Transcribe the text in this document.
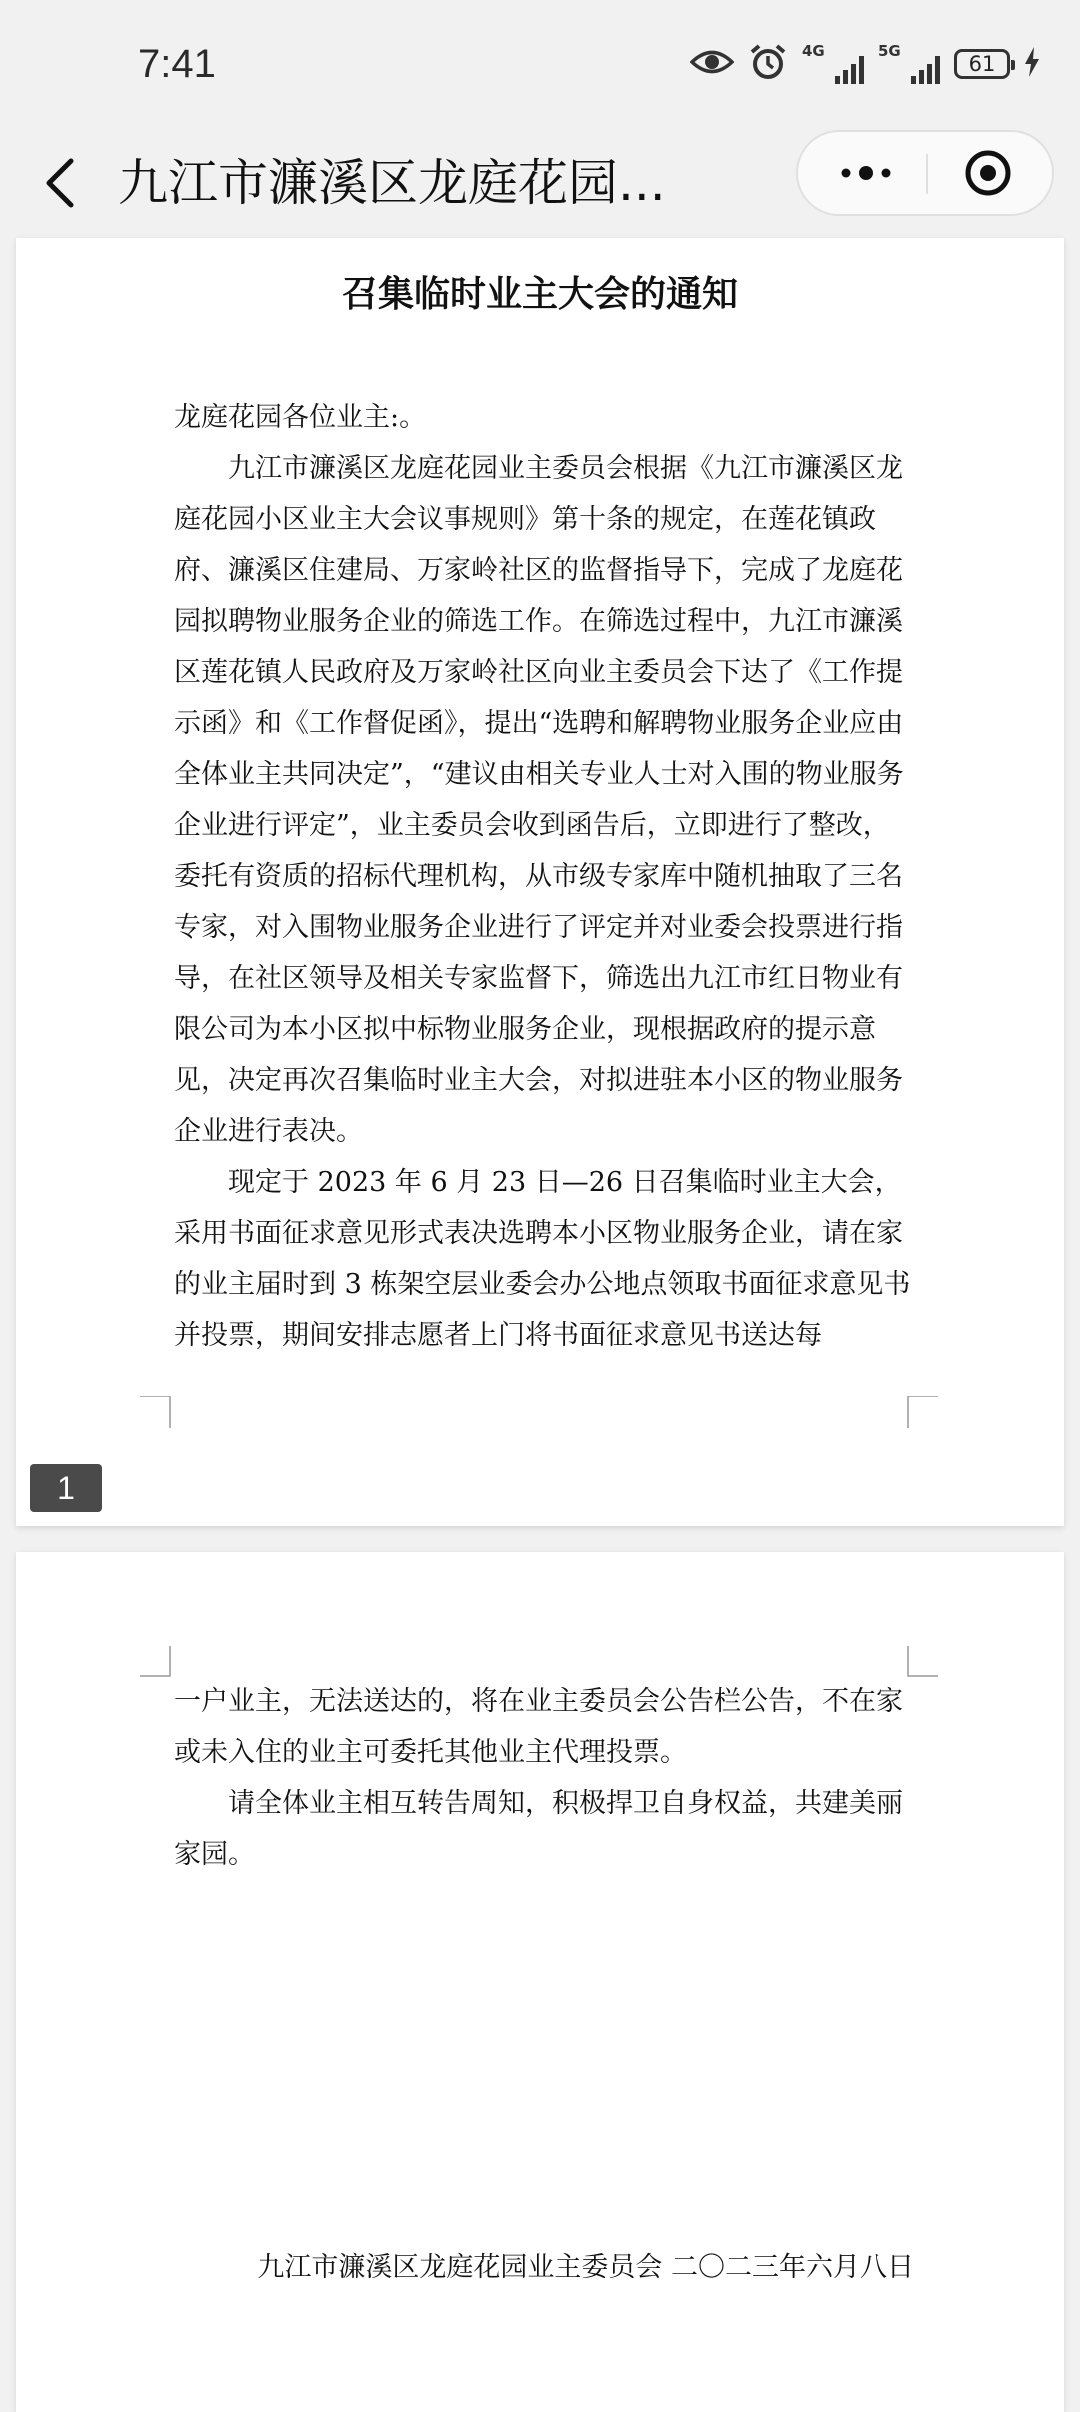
7:41	4G	5G
61
九江市濂溪区龙庭花园...
召集临时业主大会的通知

龙庭花园各位业主:。

九江市濂溪区龙庭花园业主委员会根据《九江市濂溪区龙庭花园小区业主大会议事规则》第十条的规定，在莲花镇政府、濂溪区住建局、万家岭社区的监督指导下，完成了龙庭花园拟聘物业服务企业的筛选工作。在筛选过程中，九江市濂溪区莲花镇人民政府及万家岭社区向业主委员会下达了《工作提示函》和《工作督促函》，提出“选聘和解聘物业服务企业应由全体业主共同决定”，“建议由相关专业人士对入围的物业服务企业进行评定”，业主委员会收到函告后，立即进行了整改，委托有资质的招标代理机构，从市级专家库中随机抽取了三名专家，对入围物业服务企业进行了评定并对业委会投票进行指导，在社区领导及相关专家监督下，筛选出九江市红日物业有限公司为本小区拟中标物业服务企业，现根据政府的提示意见，决定再次召集临时业主大会，对拟进驻本小区的物业服务企业进行表决。

现定于 2023 年 6 月 23 日—26 日召集临时业主大会，采用书面征求意见形式表决选聘本小区物业服务企业，请在家的业主届时到 3 栋架空层业委会办公地点领取书面征求意见书并投票，期间安排志愿者上门将书面征求意见书送达每

1

一户业主，无法送达的，将在业主委员会公告栏公告，不在家或未入住的业主可委托其他业主代理投票。

请全体业主相互转告周知，积极捍卫自身权益，共建美丽家园。

九江市濂溪区龙庭花园业主委员会 二〇二三年六月八日
